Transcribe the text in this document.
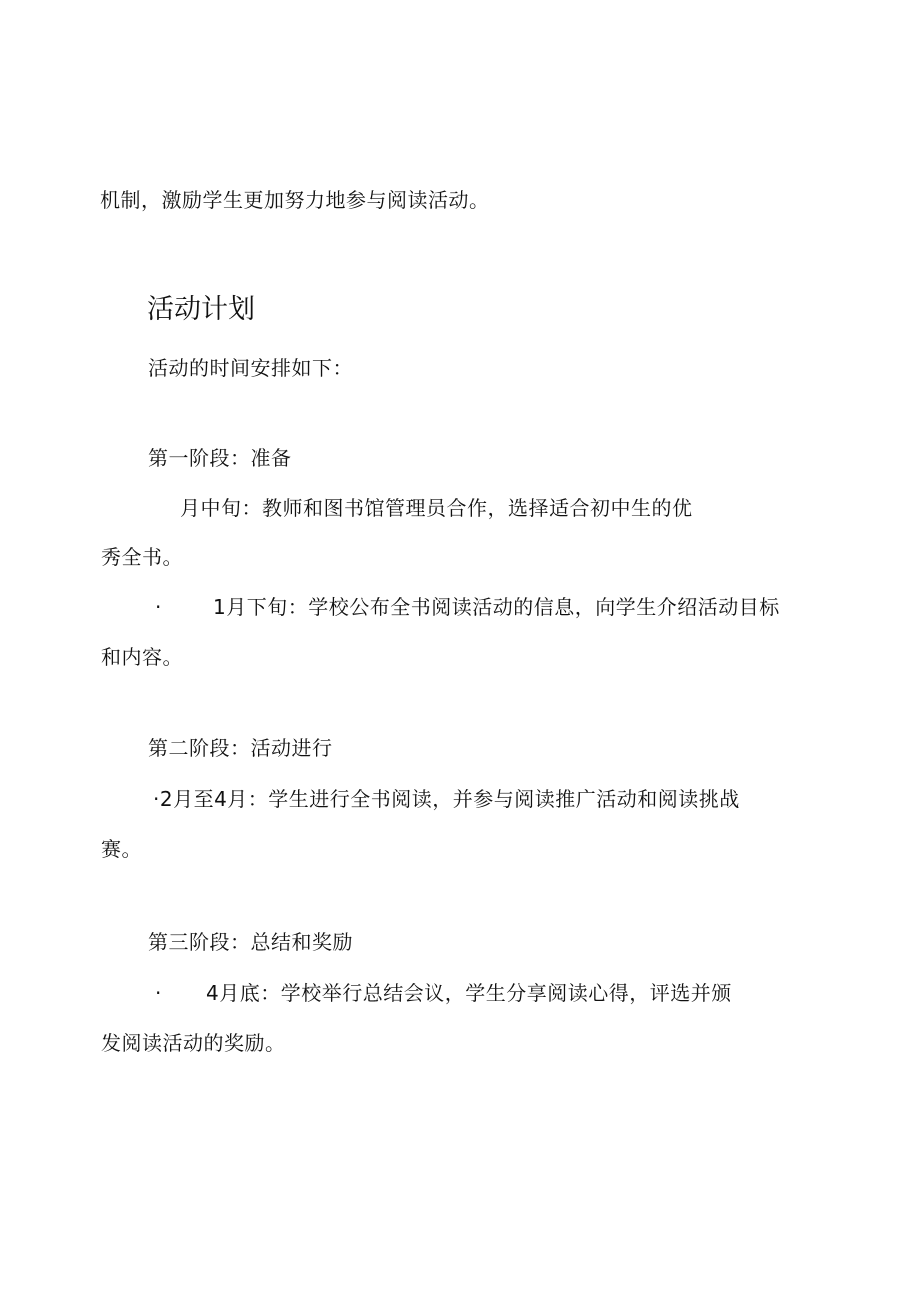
机制，激励学生更加努力地参与阅读活动。
活动计划
活动的时间安排如下：
第一阶段：准备
月中旬：教师和图书馆管理员合作，选择适合初中生的优
秀全书。
·	1月下旬：学校公布全书阅读活动的信息，向学生介绍活动目标
和内容。
第二阶段：活动进行
·2月至4月：学生进行全书阅读，并参与阅读推广活动和阅读挑战
赛。
第三阶段：总结和奖励
· 4月底：学校举行总结会议，学生分享阅读心得，评选并颁
发阅读活动的奖励。
